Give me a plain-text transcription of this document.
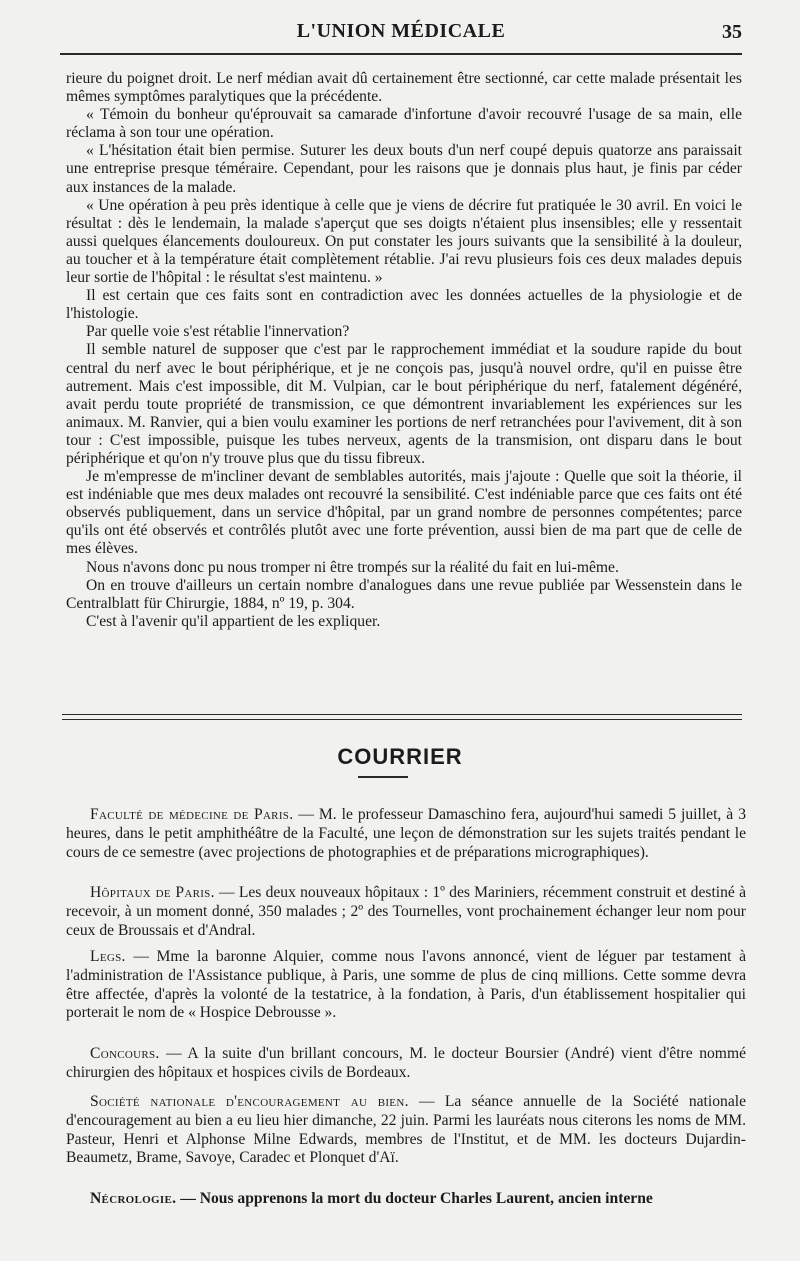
L'UNION MÉDICALE	35

rieure du poignet droit. Le nerf médian avait dû certainement être sectionné, car cette malade présentait les mêmes symptômes paralytiques que la précédente.

« Témoin du bonheur qu'éprouvait sa camarade d'infortune d'avoir recouvré l'usage de sa main, elle réclama à son tour une opération.

« L'hésitation était bien permise. Suturer les deux bouts d'un nerf coupé depuis quatorze ans paraissait une entreprise presque téméraire. Cependant, pour les raisons que je donnais plus haut, je finis par céder aux instances de la malade.

« Une opération à peu près identique à celle que je viens de décrire fut pratiquée le 30 avril. En voici le résultat : dès le lendemain, la malade s'aperçut que ses doigts n'étaient plus insensibles; elle y ressentait aussi quelques élancements douloureux. On put constater les jours suivants que la sensibilité à la douleur, au toucher et à la température était complètement rétablie. J'ai revu plusieurs fois ces deux malades depuis leur sortie de l'hôpital : le résultat s'est maintenu. »

Il est certain que ces faits sont en contradiction avec les données actuelles de la physiologie et de l'histologie.

Par quelle voie s'est rétablie l'innervation?

Il semble naturel de supposer que c'est par le rapprochement immédiat et la soudure rapide du bout central du nerf avec le bout périphérique, et je ne conçois pas, jusqu'à nouvel ordre, qu'il en puisse être autrement. Mais c'est impossible, dit M. Vulpian, car le bout périphérique du nerf, fatalement dégénéré, avait perdu toute propriété de transmission, ce que démontrent invariablement les expériences sur les animaux. M. Ranvier, qui a bien voulu examiner les portions de nerf retranchées pour l'avivement, dit à son tour : C'est impossible, puisque les tubes nerveux, agents de la transmision, ont disparu dans le bout périphérique et qu'on n'y trouve plus que du tissu fibreux.

Je m'empresse de m'incliner devant de semblables autorités, mais j'ajoute : Quelle que soit la théorie, il est indéniable que mes deux malades ont recouvré la sensibilité. C'est indéniable parce que ces faits ont été observés publiquement, dans un service d'hôpital, par un grand nombre de personnes compétentes; parce qu'ils ont été observés et contrôlés plutôt avec une forte prévention, aussi bien de ma part que de celle de mes élèves.

Nous n'avons donc pu nous tromper ni être trompés sur la réalité du fait en lui-même.

On en trouve d'ailleurs un certain nombre d'analogues dans une revue publiée par Wessenstein dans le Centralblatt für Chirurgie, 1884, nº 19, p. 304.

C'est à l'avenir qu'il appartient de les expliquer.

COURRIER

Faculté de médecine de Paris. — M. le professeur Damaschino fera, aujourd'hui samedi 5 juillet, à 3 heures, dans le petit amphithéâtre de la Faculté, une leçon de démonstration sur les sujets traités pendant le cours de ce semestre (avec projections de photographies et de préparations micrographiques).

Hôpitaux de Paris. — Les deux nouveaux hôpitaux : 1º des Mariniers, récemment construit et destiné à recevoir, à un moment donné, 350 malades ; 2º des Tournelles, vont prochainement échanger leur nom pour ceux de Broussais et d'Andral.

Legs. — Mme la baronne Alquier, comme nous l'avons annoncé, vient de léguer par testament à l'administration de l'Assistance publique, à Paris, une somme de plus de cinq millions. Cette somme devra être affectée, d'après la volonté de la testatrice, à la fondation, à Paris, d'un établissement hospitalier qui porterait le nom de « Hospice Debrousse ».

Concours. — A la suite d'un brillant concours, M. le docteur Boursier (André) vient d'être nommé chirurgien des hôpitaux et hospices civils de Bordeaux.

Société nationale d'encouragement au bien. — La séance annuelle de la Société nationale d'encouragement au bien a eu lieu hier dimanche, 22 juin. Parmi les lauréats nous citerons les noms de MM. Pasteur, Henri et Alphonse Milne Edwards, membres de l'Institut, et de MM. les docteurs Dujardin-Beaumetz, Brame, Savoye, Caradec et Plonquet d'Aï.

Nécrologie. — Nous apprenons la mort du docteur Charles Laurent, ancien interne
